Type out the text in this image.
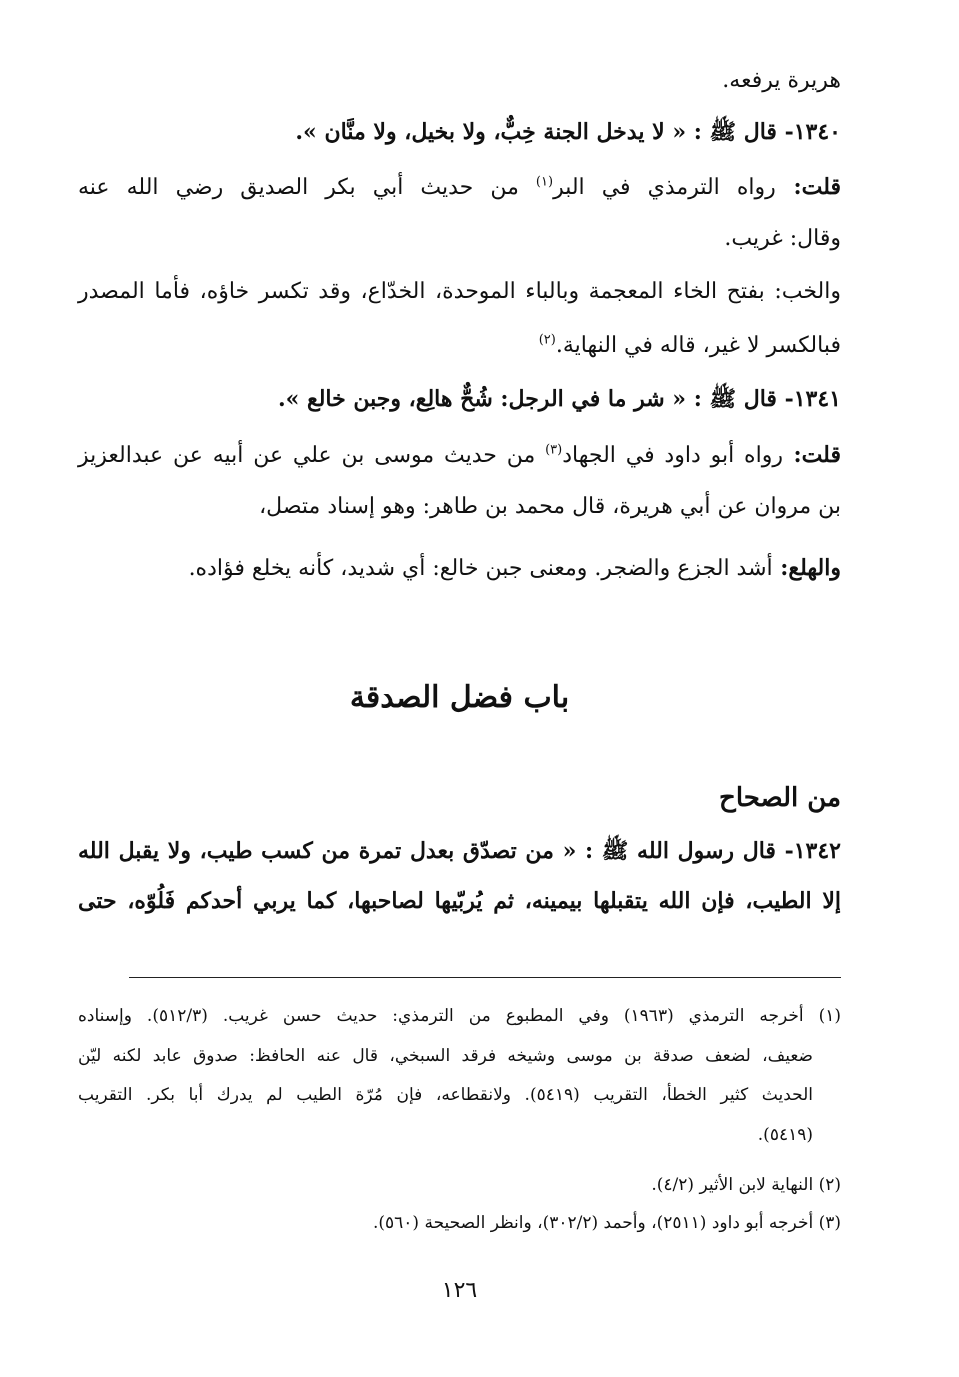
هريرة يرفعه.
١٣٤٠- قال ﷺ : « لا يدخل الجنة خِبٌّ، ولا بخيل، ولا منَّان ».
قلت: رواه الترمذي في البر$^{(١)}$ من حديث أبي بكر الصديق رضي الله عنه
وقال: غريب.
والخب: بفتح الخاء المعجمة وبالباء الموحدة، الخدّاع، وقد تكسر خاؤه، فأما المصدر
فبالكسر لا غير، قاله في النهاية.$^{(٢)}$
١٣٤١- قال ﷺ : « شر ما في الرجل: شُحٌّ هالِع، وجبن خالع ».
قلت: رواه أبو داود في الجهاد$^{(٣)}$ من حديث موسى بن علي عن أبيه عن عبدالعزيز
بن مروان عن أبي هريرة، قال محمد بن طاهر: وهو إسناد متصل،
والهلع: أشد الجزع والضجر. ومعنى جبن خالع: أي شديد، كأنه يخلع فؤاده.
باب فضل الصدقة
من الصحاح
١٣٤٢- قال رسول الله ﷺ : « من تصدّق بعدل تمرة من كسب طيب، ولا يقبل الله
إلا الطيب، فإن الله يتقبلها بيمينه، ثم يُربّيها لصاحبها، كما يربي أحدكم فَلُوّه، حتى
(١) أخرجه الترمذي (١٩٦٣) وفي المطبوع من الترمذي: حديث حسن غريب. (٥١٢/٣). وإسناده
ضعيف، لضعف صدقة بن موسى وشيخه فرقد السبخي، قال عنه الحافظ: صدوق عابد لكنه ليّن
الحديث كثير الخطأ، التقريب (٥٤١٩). ولانقطاعه، فإن مُرّة الطيب لم يدرك أبا بكر. التقريب
(٥٤١٩).
(٢) النهاية لابن الأثير (٤/٢).
(٣) أخرجه أبو داود (٢٥١١)، وأحمد (٣٠٢/٢)، وانظر الصحيحة (٥٦٠).
١٢٦
